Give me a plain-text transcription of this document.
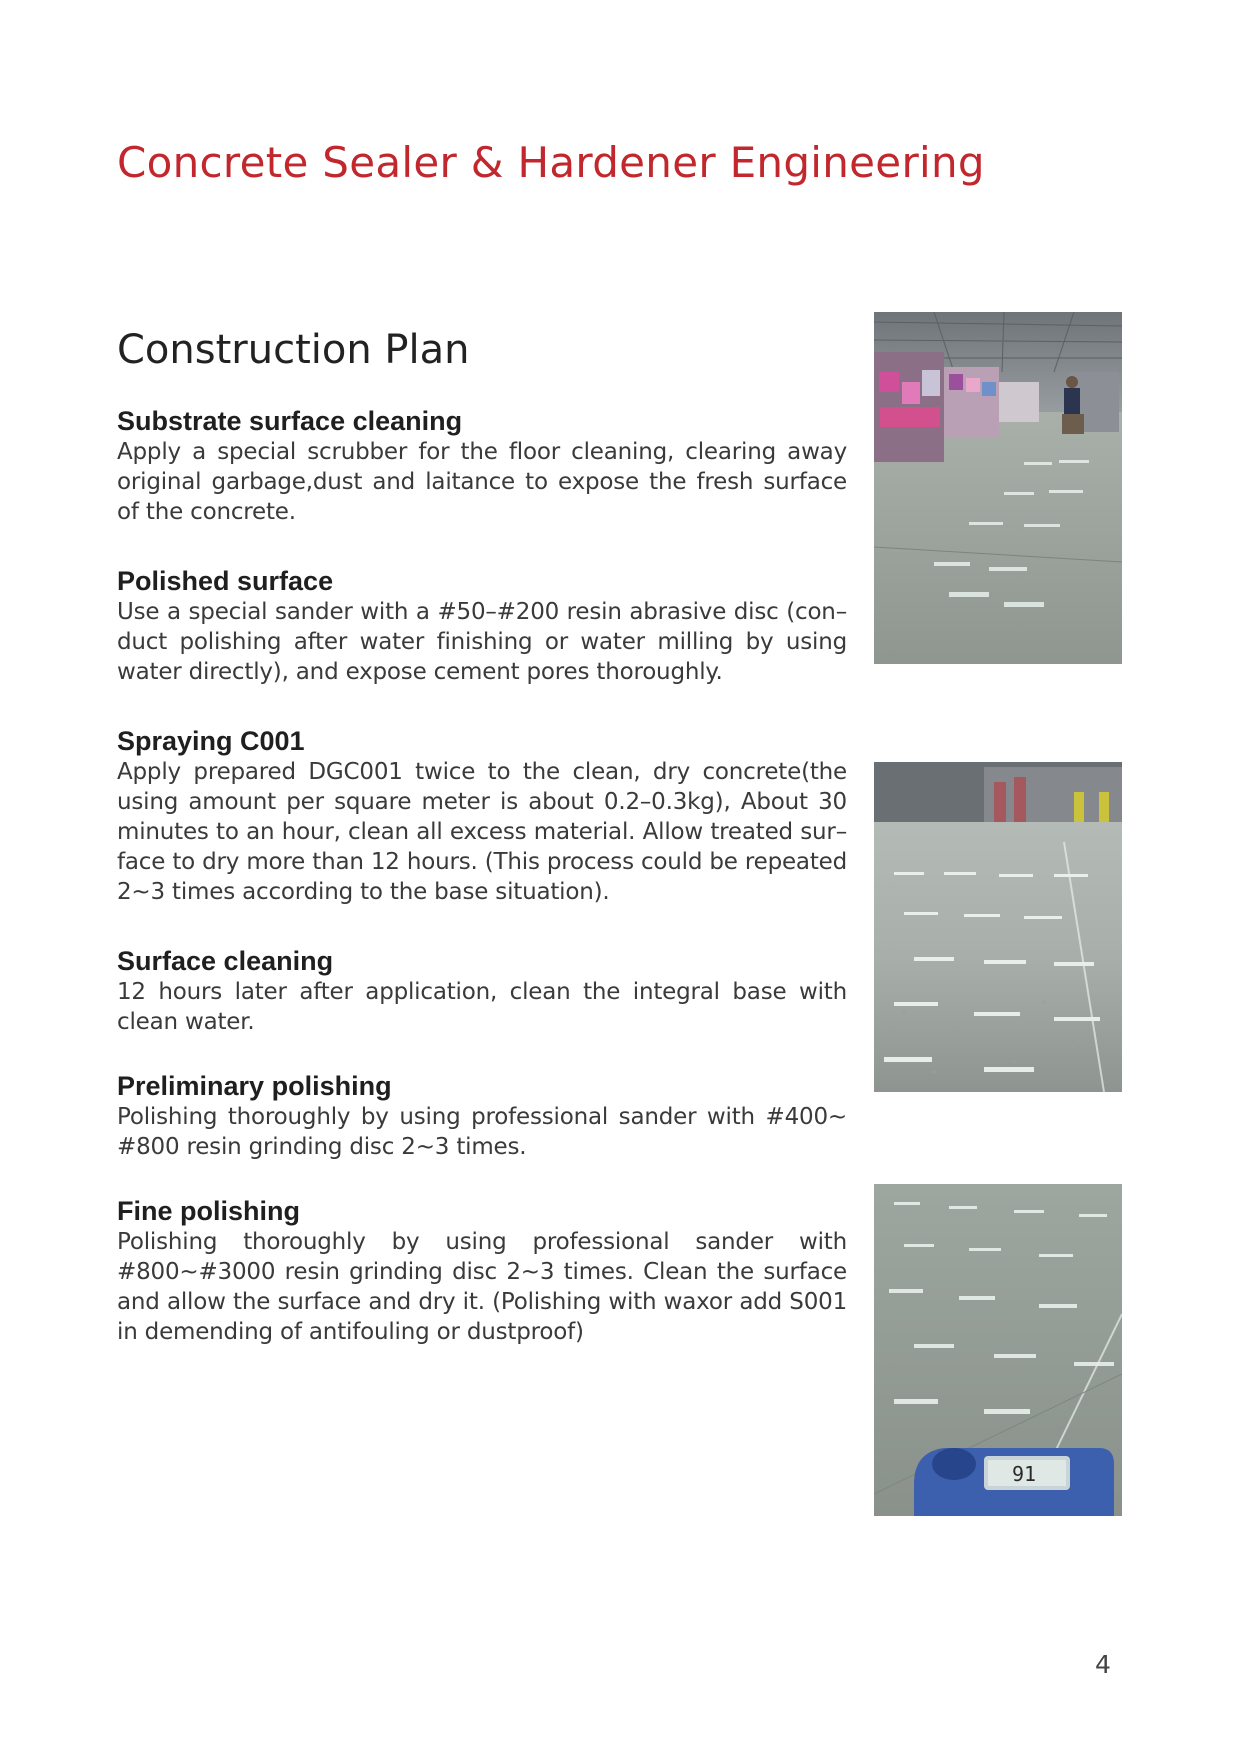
Concrete Sealer & Hardener Engineering
Construction Plan
Substrate surface cleaning

Apply a special scrubber for the floor cleaning, clearing away original garbage,dust and laitance to expose the fresh surface of the concrete.

Polished surface

Use a special sander with a #50–#200 resin abrasive disc (con–duct polishing after water finishing or water milling by using water directly), and expose cement pores thoroughly.

Spraying C001

Apply prepared DGC001 twice to the clean, dry concrete(the using amount per square meter is about 0.2–0.3kg), About 30 minutes to an hour, clean all excess material. Allow treated sur–face to dry more than 12 hours. (This process could be repeated 2~3 times according to the base situation).

Surface cleaning

12 hours later after application, clean the integral base with clean water.

Preliminary polishing

Polishing thoroughly by using professional sander with #400~ #800 resin grinding disc 2~3 times.

Fine polishing

Polishing thoroughly by using professional sander with #800~#3000 resin grinding disc 2~3 times. Clean the surface and allow the surface and dry it. (Polishing with waxor add S001 in demending of antifouling or dustproof)

91
4
